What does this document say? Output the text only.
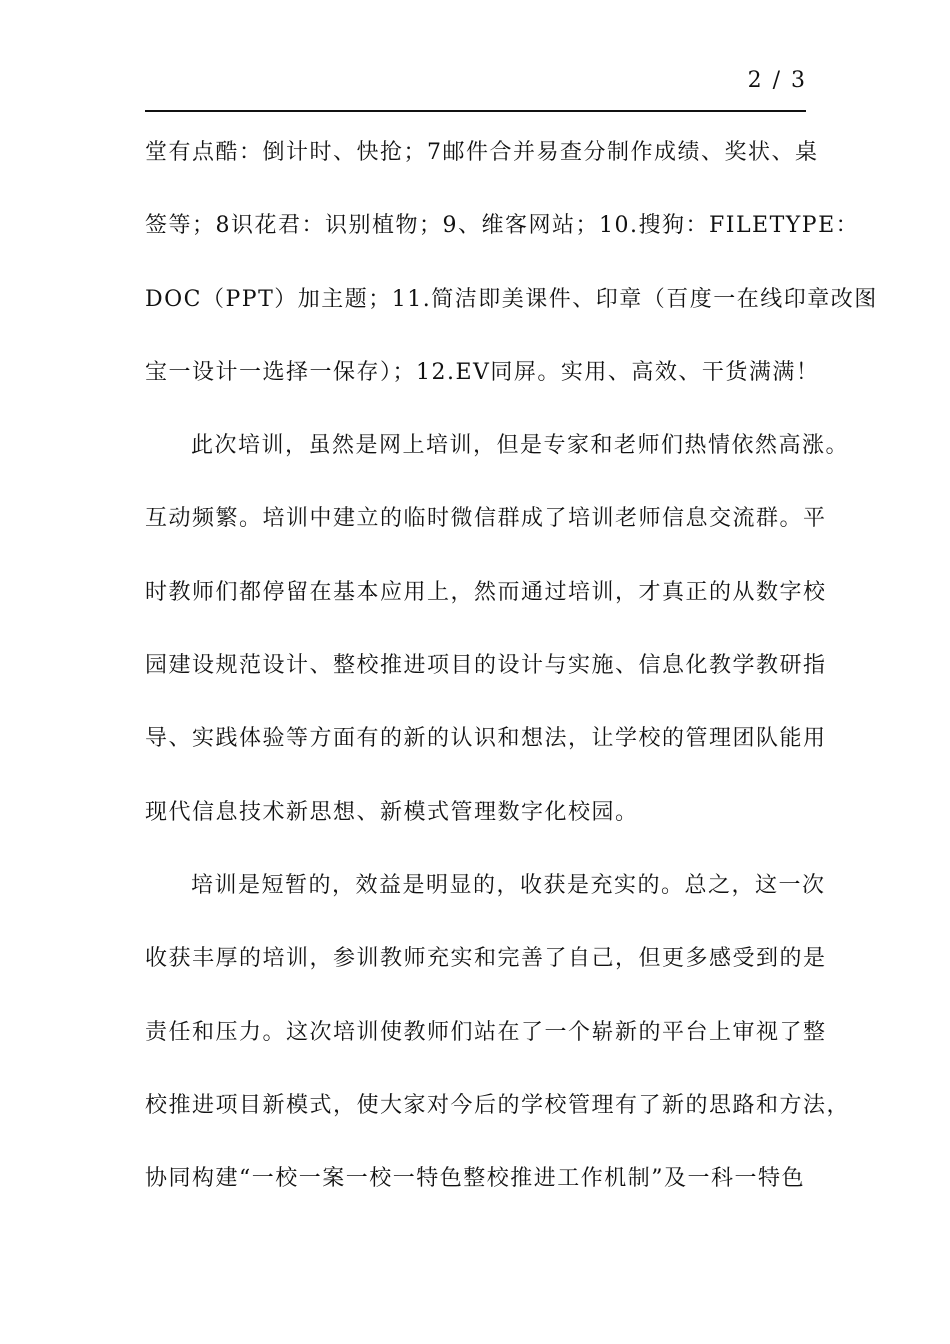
2 / 3
堂有点酷：倒计时、快抢；7邮件合并易查分制作成绩、奖状、桌
签等；8识花君：识别植物；9、维客网站；10.搜狗：FILETYPE：
DOC（PPT）加主题；11.简洁即美课件、印章（百度一在线印章改图
宝一设计一选择一保存）；12.EV同屏。实用、高效、干货满满！
此次培训，虽然是网上培训，但是专家和老师们热情依然高涨。
互动频繁。培训中建立的临时微信群成了培训老师信息交流群。平
时教师们都停留在基本应用上，然而通过培训，才真正的从数字校
园建设规范设计、整校推进项目的设计与实施、信息化教学教研指
导、实践体验等方面有的新的认识和想法，让学校的管理团队能用
现代信息技术新思想、新模式管理数字化校园。
培训是短暂的，效益是明显的，收获是充实的。总之，这一次
收获丰厚的培训，参训教师充实和完善了自己，但更多感受到的是
责任和压力。这次培训使教师们站在了一个崭新的平台上审视了整
校推进项目新模式，使大家对今后的学校管理有了新的思路和方法，
协同构建“一校一案一校一特色整校推进工作机制”及一科一特色
